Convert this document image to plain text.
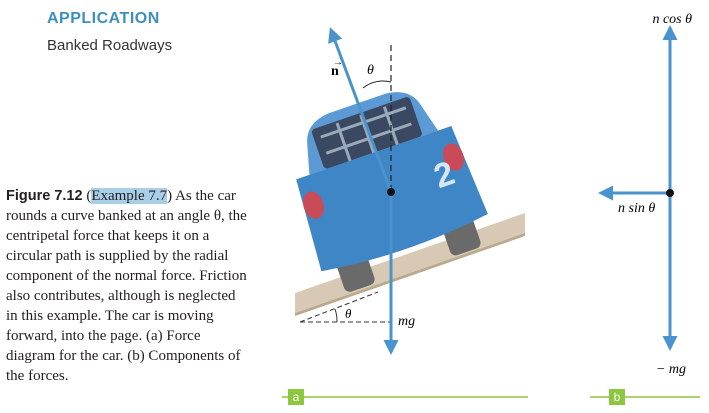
APPLICATION
Banked Roadways
Figure 7.12 (Example 7.7) As the car rounds a curve banked at an angle θ, the centripetal force that keeps it on a circular path is supplied by the radial component of the normal force. Friction also contributes, although is neglected in this example. The car is moving forward, into the page. (a) Force diagram for the car. (b) Components of the forces.
2
n
→
θ
θ
mg
a
n cos θ
n sin θ
− mg
b
